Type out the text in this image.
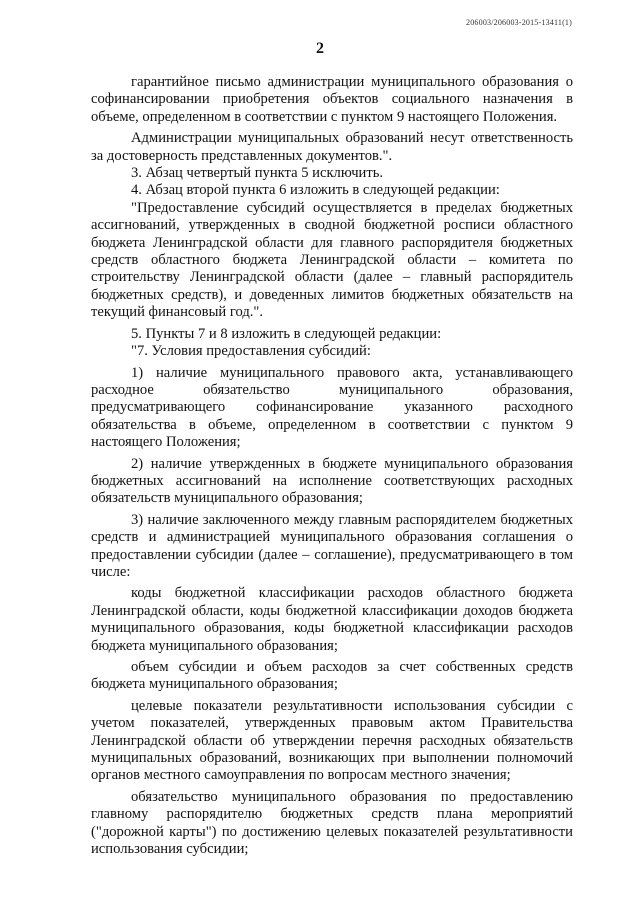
206003/206003-2015-13411(1)
2

гарантийное письмо администрации муниципального образования о софинансировании приобретения объектов социального назначения в объеме, определенном в соответствии с пунктом 9 настоящего Положения.

Администрации муниципальных образований несут ответственность за достоверность представленных документов.".

3. Абзац четвертый пункта 5 исключить.

4. Абзац второй пункта 6 изложить в следующей редакции:

"Предоставление субсидий осуществляется в пределах бюджетных ассигнований, утвержденных в сводной бюджетной росписи областного бюджета Ленинградской области для главного распорядителя бюджетных средств областного бюджета Ленинградской области – комитета по строительству Ленинградской области (далее – главный распорядитель бюджетных средств), и доведенных лимитов бюджетных обязательств на текущий финансовый год.".

5. Пункты 7 и 8 изложить в следующей редакции:

"7. Условия предоставления субсидий:

1) наличие муниципального правового акта, устанавливающего расходное обязательство муниципального образования, предусматривающего софинансирование указанного расходного обязательства в объеме, определенном в соответствии с пунктом 9 настоящего Положения;

2) наличие утвержденных в бюджете муниципального образования бюджетных ассигнований на исполнение соответствующих расходных обязательств муниципального образования;

3) наличие заключенного между главным распорядителем бюджетных средств и администрацией муниципального образования соглашения о предоставлении субсидии (далее – соглашение), предусматривающего в том числе:

коды бюджетной классификации расходов областного бюджета Ленинградской области, коды бюджетной классификации доходов бюджета муниципального образования, коды бюджетной классификации расходов бюджета муниципального образования;

объем субсидии и объем расходов за счет собственных средств бюджета муниципального образования;

целевые показатели результативности использования субсидии с учетом показателей, утвержденных правовым актом Правительства Ленинградской области об утверждении перечня расходных обязательств муниципальных образований, возникающих при выполнении полномочий органов местного самоуправления по вопросам местного значения;

обязательство муниципального образования по предоставлению главному распорядителю бюджетных средств плана мероприятий ("дорожной карты") по достижению целевых показателей результативности использования субсидии;
